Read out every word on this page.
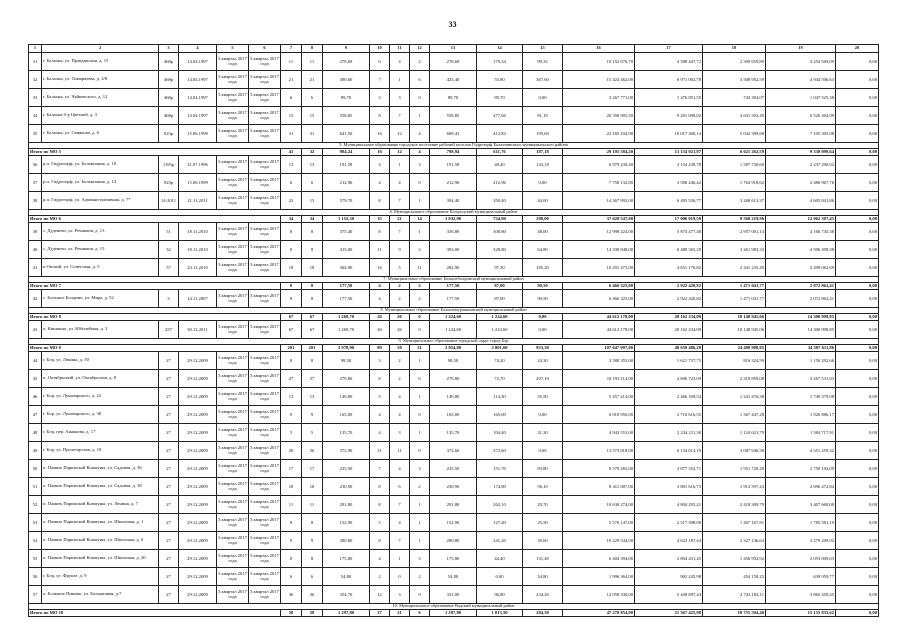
33
1	2	3	4	5	6	7	8	9	10	11	12	13	14	15	16	17	18	19	20
31	г. Балахна, ул. Правдинская, д. 15	468р	14.04.1997	3 квартал 2017 года	3 квартал 2017 года	11	11	278,69	6	4	2	278,69	179,34	99,35	10 152 676,70	4 588 447,72	2 309 659,89	3 254 569,09	0,00
32	г. Балахна, ул. Тимирязева, д. 2/8	468р	14.04.1997	3 квартал 2017 года	3 квартал 2017 года	21	21	490,60	7	1	6	423,40	55,80	367,60	15 424 462,00	6 971 002,78	3 508 952,59	4 944 506,63	0,00
33	г. Балахна, ул. Чайковского, д. 12	468р	14.04.1997	3 квартал 2017 года	3 квартал 2017 года	6	6	89,70	3	3	0	89,70	89,70	0,00	3 267 771,00	1 476 851,55	743 394,07	1 047 525,38	0,00
34	г. Балахна б-р Цветной, д. 3	468р	14.04.1997	3 квартал 2017 года	3 квартал 2017 года	15	15	558,85	8	7	1	558,85	477,66	81,19	20 358 905,50	9 201 098,02	4 631 502,49	6 526 304,99	0,00
35	г. Балахна, ул. Свиякова, д. 6	923р	15.06.1999	3 квартал 2017 года	3 квартал 2017 года	31	31	641,50	16	12	4	608,43	412,83	195,60	22 165 104,90	10 017 400,14	5 042 399,68	7 105 305,08	0,00
5. Муниципальное образование городское поселение рабочий поселок Гидроторф Балахнинского муниципального района																			
Итого по МО 5						41	32	984,24	16	12	4	798,94	611,76	187,18	29 105 584,20	13 154 021,97	6 621 262,59	9 330 099,64	0,00
36	р.п. Гидроторф, ул. Больничная, д. 18	1195р	31.07.1996	3 квартал 2017 года	3 квартал 2017 года	13	13	191,58	4	1	3	191,58	48,40	143,18	6 979 239,40	3 154 238,78	1 587 730,60	2 237 290,02	0,00
37	р.п. Гидроторф, ул. Больничная, д. 14	923р	15.06.1999	3 квартал 2017 года	3 квартал 2017 года	6	6	212,96	4	4	0	212,96	212,96	0,00	7 758 132,80	3 506 246,42	1 764 918,62	2 486 967,76	0,00
38	р.п. Гидроторф, ул. Административная, д. 7*	14-2011	21.11.2011	3 квартал 2017 года	3 квартал 2017 года	22	13	579,70	8	7	1	394,40	350,40	44,00	14 367 992,00	6 493 536,77	3 268 613,37	4 605 841,86	0,00
6. Муниципальное образование Богородский муниципальный район																			
Итого по МО 6						34	34	1 155,30	35	21	14	1 032,90	734,90	298,00	37 628 547,00	17 006 019,59	8 560 219,96	12 062 307,45	0,00
39	с. Дуденево, ул. Речников, д. 13	51	18.11.2010	3 квартал 2017 года	3 квартал 2017 года	8	8	375,40	8	7	1	356,80	308,80	48,00	12 998 224,00	5 874 477,48	2 957 001,14	4 166 745,38	0,00
40	с. Дуденево, ул. Речников, д. 15	52	18.11.2010	3 квартал 2017 года	3 квартал 2017 года	8	8	415,00	11	9	2	393,00	328,80	64,80	14 338 848,00	6 480 365,29	3 261 983,33	4 596 499,38	0,00
41	п Окский, ул. Советская, д. 5	57	23.11.2010	3 квартал 2017 года	3 квартал 2017 года	18	18	364,90	16	5	11	282,90	97,30	185,20	10 291 475,00	4 651 176,82	2 341 235,49	3 299 062,69	0,00
7. Муниципальное образование Большеболдинский муниципальный район																			
Итого по МО 7						8	8	177,50	4	2	2	177,50	87,00	90,50	6 466 325,00	2 922 420,82	1 471 041,77	2 072 862,41	0,00
42	с. Большое Болдино, ул. Мира, д. 52	3	14.11.2007	3 квартал 2017 года	3 квартал 2017 года	8	8	177,50	4	2	2	177,50	87,00	90,50	6 466 325,00	2 922 420,82	1 471 041,77	2 072 862,41	0,00
8. Муниципальное образование Большемурашкинский муниципальный район																			
Итого по МО 8						67	67	1 269,70	26	26	0	1 224,60	1 224,60	0,00	44 612 178,00	20 162 234,09	10 148 945,06	14 300 998,85	0,00
43	п. Кишкино, ул. Юбилейная, д. 3	257	30.12.2011	3 квартал 2017 года	3 квартал 2017 года	67	67	1 269,70	26	26	0	1 224,60	1 224,60	0,00	44 612 178,00	20 162 234,09	10 148 945,06	14 300 998,85	0,00
9. Муниципальное образование городской округ город Бор																			
Итого по МО 9						201	201	2 978,90	89	58	31	2 954,90	2 001,60	953,30	107 647 007,00	48 650 486,29	24 488 908,85	34 507 611,86	0,00
44	г. Бор, ул. Ленина, д. 50	27	29.12.2009	3 квартал 2017 года	3 квартал 2017 года	8	8	98,50	3	2	1	98,50	74,20	24,30	3 588 355,00	1 621 737,75	816 324,59	1 150 292,66	0,00
45	п. Октябрьский, ул. Октябрьская, д. 8	27	29.12.2009	3 квартал 2017 года	3 квартал 2017 года	27	27	279,80	8	2	6	279,80	72,70	207,10	10 193 114,00	4 606 723,09	2 318 859,08	3 267 531,83	0,00
46	г. Бор, ул. Луначарского, д. 22	27	29.12.2009	3 квартал 2017 года	3 квартал 2017 года	13	13	149,80	5	4	1	149,80	114,30	35,50	5 457 214,00	2 466 358,54	1 241 476,38	1 749 379,08	0,00
47	г. Бор, ул. Луначарского, д. 38	27	29.12.2009	3 квартал 2017 года	3 квартал 2017 года	9	9	165,00	4	4	0	165,00	165,00	0,00	6 010 950,00	2 716 616,55	1 367 447,28	1 926 886,17	0,00
48	г. Бор, пер. Ананьева, д. 17	27	29.12.2009	3 квартал 2017 года	3 квартал 2017 года	5	5	135,70	4	3	1	135,70	104,40	31,30	4 943 551,00	2 234 211,30	1 124 621,79	1 584 717,91	0,00
49	г. Бор, ул. Пролетарская, д. 10	27	29.12.2009	3 квартал 2017 года	3 квартал 2017 года	26	26	372,90	11	11	0	372,60	372,60	0,00	13 573 818,00	6 134 614,10	3 087 946,58	4 351 259,32	0,00
50	п. Память Парижской Коммуны, ул. Садовая, д. 36	27	29.12.2009	3 квартал 2017 года	3 квартал 2017 года	17	17	235,50	7	4	3	235,50	151,70	83,80	8 579 265,00	3 877 352,71	1 951 720,20	2 750 192,09	0,00
51	п. Память Парижской Коммуны, ул. Садовая, д. 38	27	29.12.2009	3 квартал 2017 года	3 квартал 2017 года	18	18	230,90	8	6	2	230,90	174,80	56,10	8 411 687,00	3 801 616,73	1 913 597,43	2 696 472,84	0,00
52	п. Память Парижской Коммуны, ул. Ленина, д. 7	27	29.12.2009	3 квартал 2017 года	3 квартал 2017 года	11	11	291,80	8	7	1	291,80	262,10	29,70	10 630 274,00	4 804 295,21	2 418 309,79	3 407 669,00	0,00
53	п. Память Парижской Коммуны, ул. Школьная, д. 1	27	29.12.2009	3 квартал 2017 года	3 квартал 2017 года	8	8	152,90	5	4	1	152,90	127,40	25,50	5 570 147,00	2 517 398,00	1 267 167,81	1 785 581,19	0,00
54	п. Память Парижской Коммуны, ул. Школьная, д. 6	27	29.12.2009	3 квартал 2017 года	3 квартал 2017 года	9	9	280,80	8	7	1	280,80	241,20	39,60	10 229 544,00	4 623 187,44	2 327 146,64	3 279 209,92	0,00
55	п. Память Парижской Коммуны, ул. Школьная, д. 20	27	29.12.2009	3 квартал 2017 года	3 квартал 2017 года	8	8	175,80	4	1	3	175,80	44,40	131,40	6 404 394,00	2 894 431,45	1 456 952,92	2 053 009,63	0,00
56	г. Бор, ул. Фрунзе, д. 9	27	29.12.2009	3 квартал 2017 года	3 квартал 2017 года	6	6	54,80	2	0	2	54,80	0,00	54,80	1 996 364,00	902 245,98	454 158,25	639 959,77	0,00
57	п. Большое Пикино, ул. Больничная, д.7	27	29.12.2009	3 квартал 2017 года	3 квартал 2017 года	36	36	354,70	12	3	9	331,00	96,80	234,20	12 058 330,00	5 449 697,44	2 743 182,11	3 865 450,45	0,00
10. Муниципальное образование Вадский муниципальный район																			
Итого по МО 10						58	58	1 297,80	27	21	6	1 297,80	1 013,50	284,30	47 278 854,00	21 367 425,98	10 755 594,40	15 155 833,62	0,00
